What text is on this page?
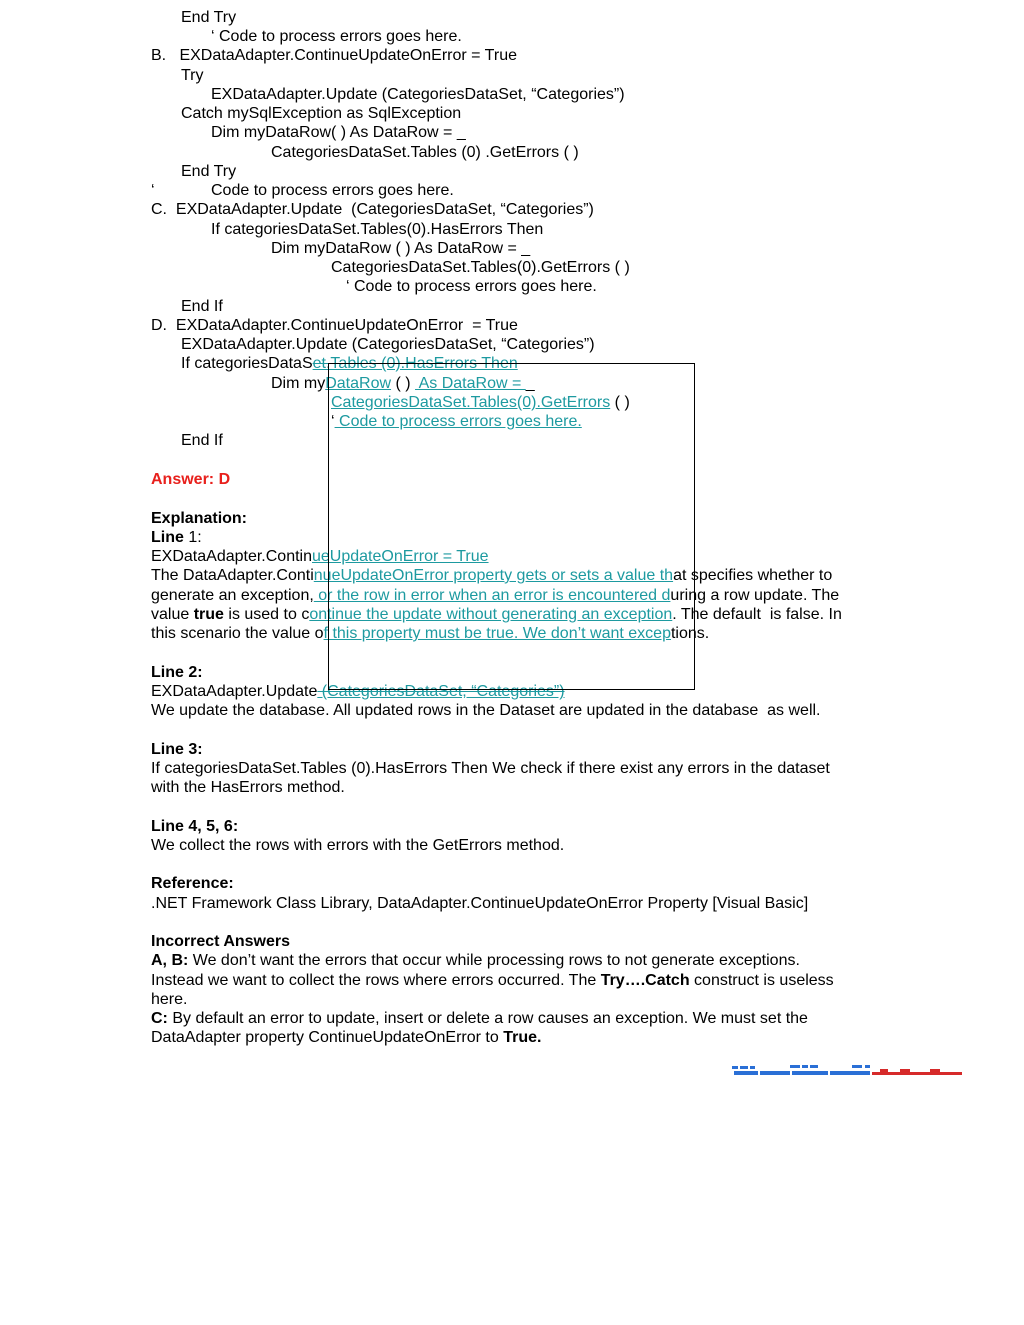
End Try
‘ Code to process errors goes here.
B.   EXDataAdapter.ContinueUpdateOnError = True
Try
EXDataAdapter.Update (CategoriesDataSet, “Categories”)
Catch mySqlException as SqlException
Dim myDataRow( ) As DataRow = _
CategoriesDataSet.Tables (0) .GetErrors ( )
End Try
‘	Code to process errors goes here.
C.  EXDataAdapter.Update  (CategoriesDataSet, “Categories”)
If categoriesDataSet.Tables(0).HasErrors Then
Dim myDataRow ( ) As DataRow = _
CategoriesDataSet.Tables(0).GetErrors ( )
‘ Code to process errors goes here.
End If
D.  EXDataAdapter.ContinueUpdateOnError  = True
EXDataAdapter.Update (CategoriesDataSet, “Categories”)
If categoriesDataSet.Tables (0).HasErrors Then
Dim myDataRow ( )  As DataRow = _
CategoriesDataSet.Tables(0).GetErrors ( )
‘ Code to process errors goes here.
End If
Answer: D
Explanation:
Line 1:
EXDataAdapter.ContinueUpdateOnError = True
The DataAdapter.ContinueUpdateOnError property gets or sets a value that specifies whether to
generate an exception, or the row in error when an error is encountered during a row update. The
value true is used to continue the update without generating an exception. The default  is false. In
this scenario the value of this property must be true. We don’t want exceptions.
Line 2:
EXDataAdapter.Update (CategoriesDataSet, “Categories”)
We update the database. All updated rows in the Dataset are updated in the database  as well.
Line 3:
If categoriesDataSet.Tables (0).HasErrors Then We check if there exist any errors in the dataset
with the HasErrors method.
Line 4, 5, 6:
We collect the rows with errors with the GetErrors method.
Reference:
.NET Framework Class Library, DataAdapter.ContinueUpdateOnError Property [Visual Basic]
Incorrect Answers
A, B: We don’t want the errors that occur while processing rows to not generate exceptions.
Instead we want to collect the rows where errors occurred. The Try….Catch construct is useless
here.
C: By default an error to update, insert or delete a row causes an exception. We must set the
DataAdapter property ContinueUpdateOnError to True.
